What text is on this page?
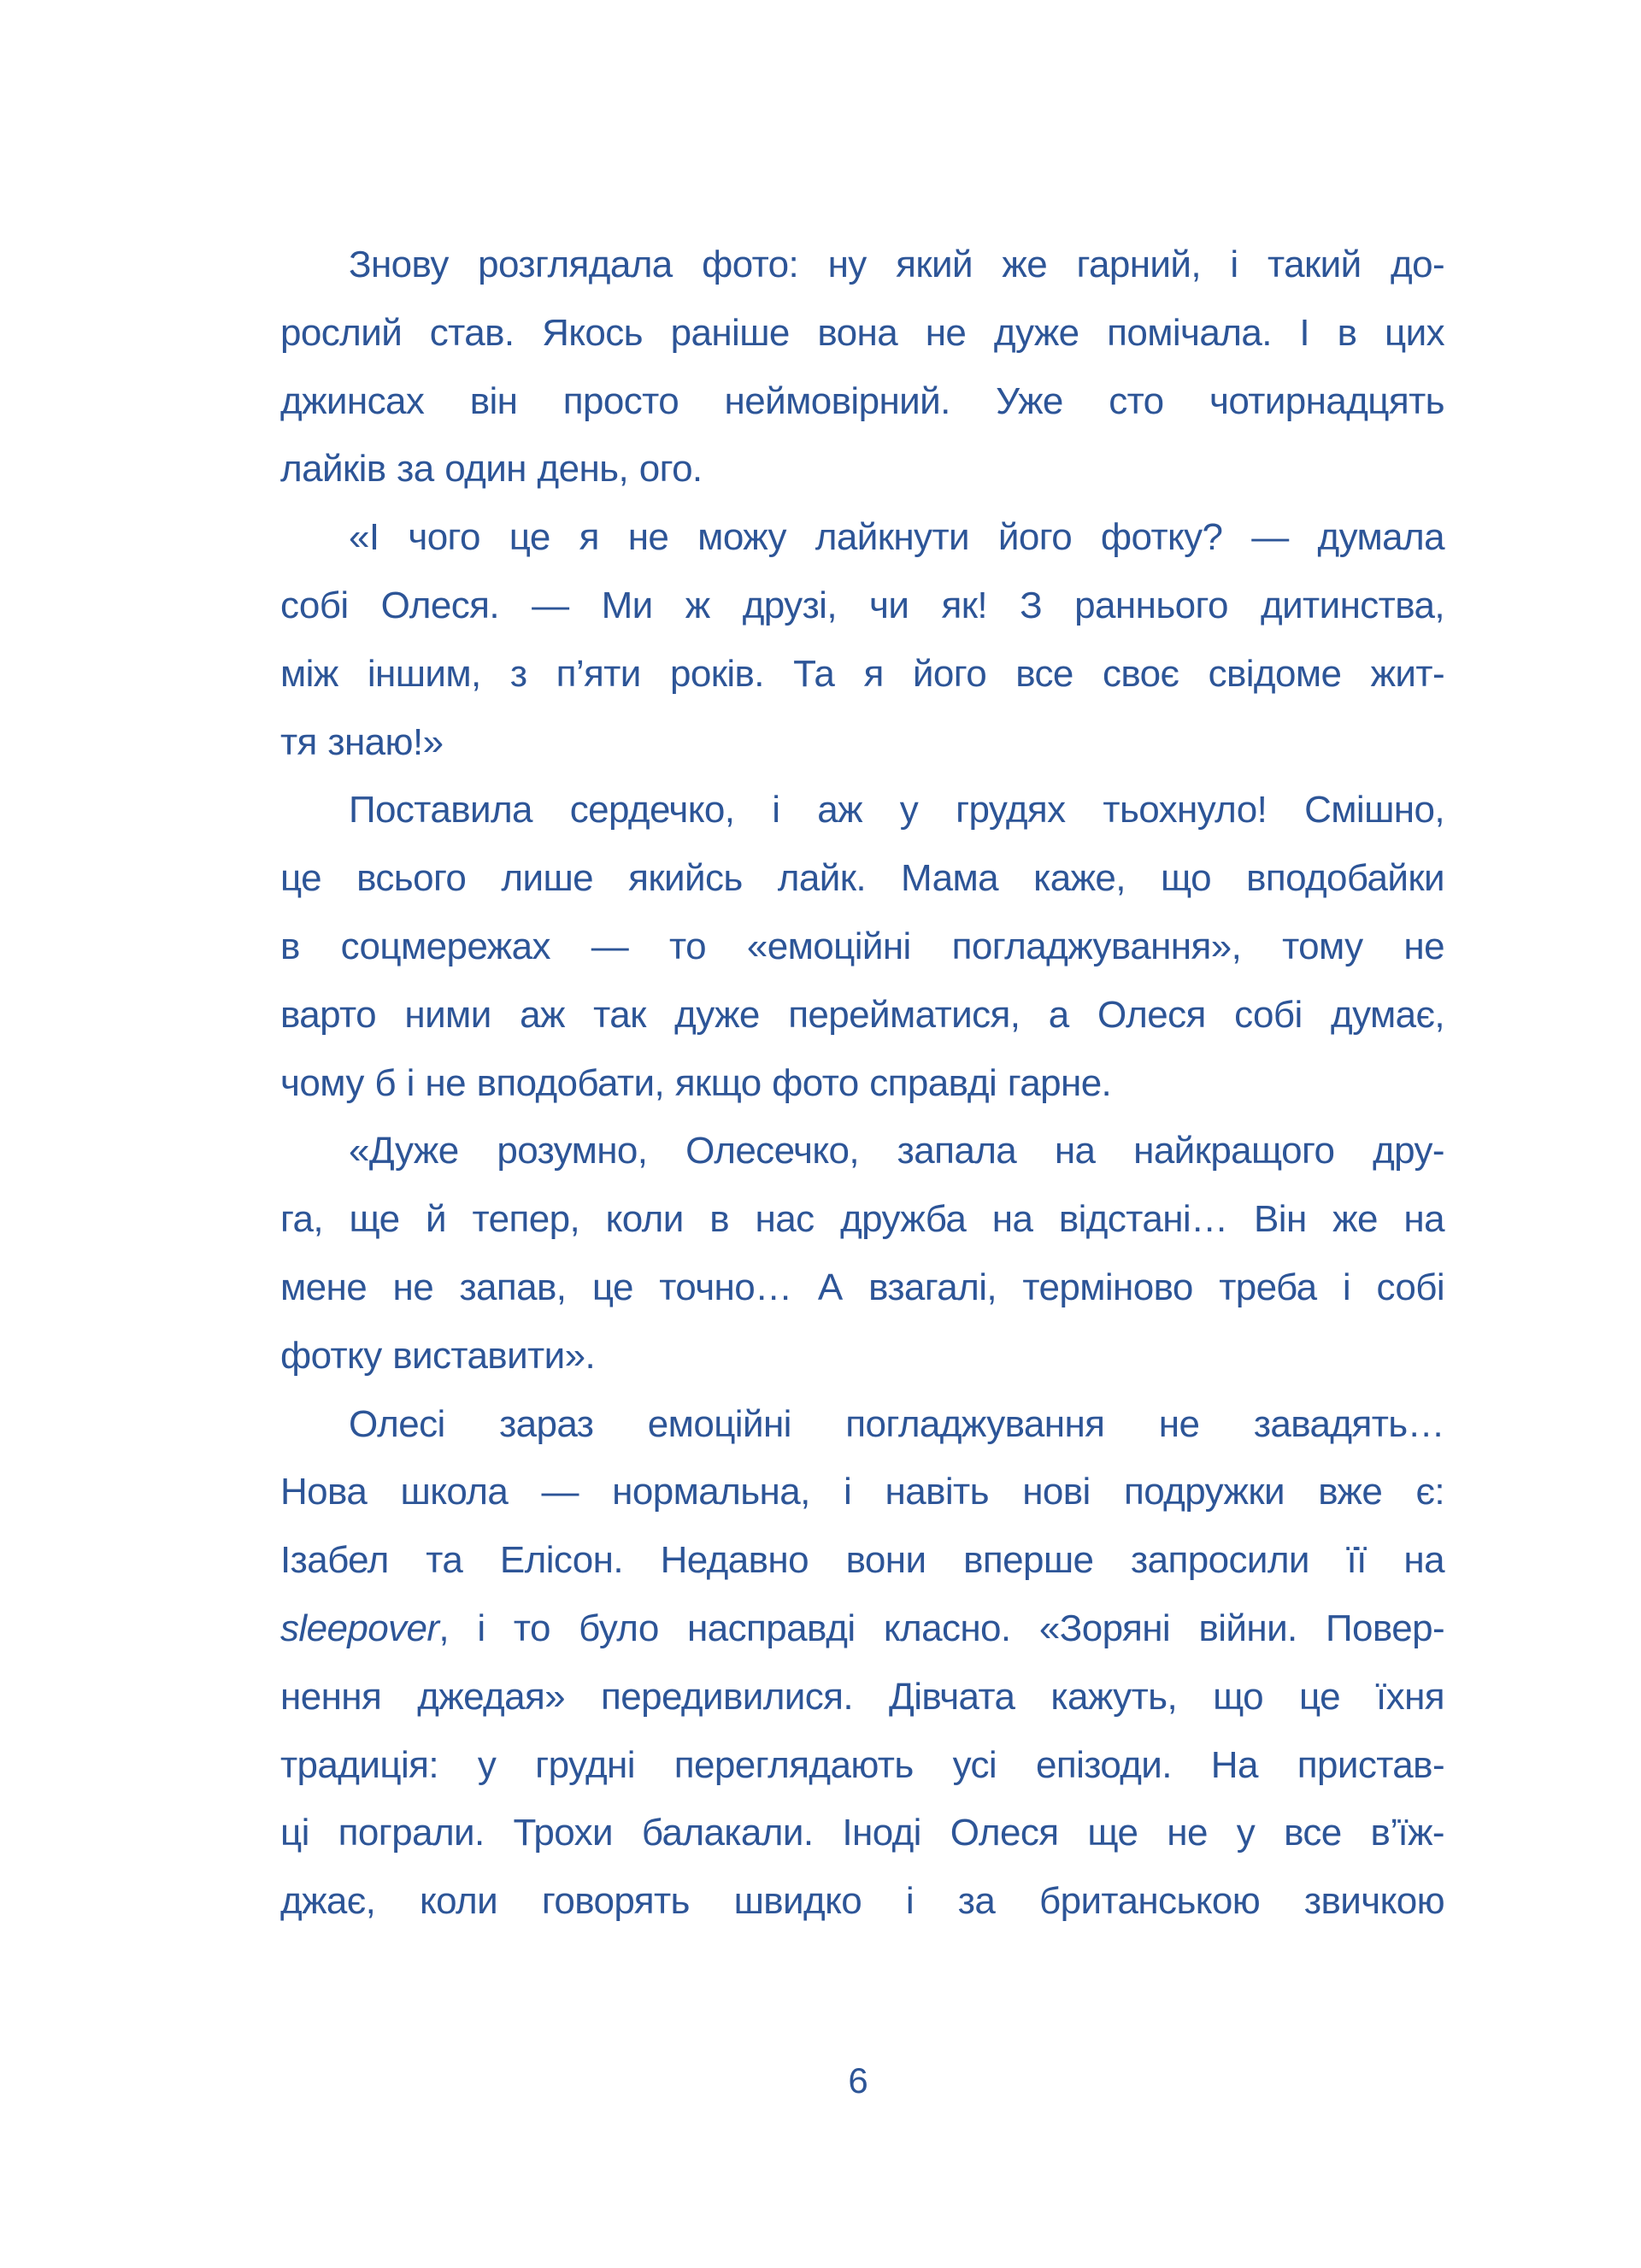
Знову розглядала фото: ну який же гарний, і такий до-
рослий став. Якось раніше вона не дуже помічала. І в цих
джинсах він просто неймовірний. Уже сто чотирнадцять
лайків за один день, ого.
«І чого це я не можу лайкнути його фотку? — думала
собі Олеся. — Ми ж друзі, чи як! З раннього дитинства,
між іншим, з п’яти років. Та я його все своє свідоме жит-
тя знаю!»
Поставила сердечко, і аж у грудях тьохнуло! Смішно,
це всього лише якийсь лайк. Мама каже, що вподобайки
в соцмережах — то «емоційні погладжування», тому не
варто ними аж так дуже перейматися, а Олеся собі думає,
чому б і не вподобати, якщо фото справді гарне.
«Дуже розумно, Олесечко, запала на найкращого дру-
га, ще й тепер, коли в нас дружба на відстані… Він же на
мене не запав, це точно… А взагалі, терміново треба і собі
фотку виставити».
Олесі зараз емоційні погладжування не завадять…
Нова школа — нормальна, і навіть нові подружки вже є:
Ізабел та Елісон. Недавно вони вперше запросили її на
sleepover, і то було насправді класно. «Зоряні війни. Повер-
нення джедая» передивилися. Дівчата кажуть, що це їхня
традиція: у грудні переглядають усі епізоди. На пристав-
ці пограли. Трохи балакали. Іноді Олеся ще не у все в’їж-
джає, коли говорять швидко і за британською звичкою
6
